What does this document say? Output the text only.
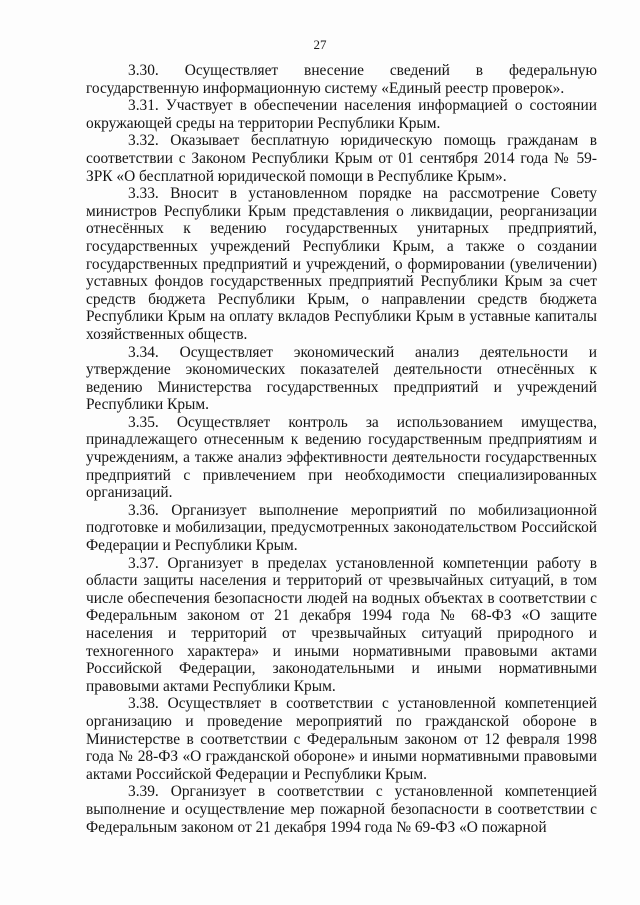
27

3.30. Осуществляет внесение сведений в федеральную государственную информационную систему «Единый реестр проверок».

3.31. Участвует в обеспечении населения информацией о состоянии окружающей среды на территории Республики Крым.

3.32. Оказывает бесплатную юридическую помощь гражданам в соответствии с Законом Республики Крым от 01 сентября 2014 года № 59-ЗРК «О бесплатной юридической помощи в Республике Крым».

3.33. Вносит в установленном порядке на рассмотрение Совету министров Республики Крым представления о ликвидации, реорганизации отнесённых к ведению государственных унитарных предприятий, государственных учреждений Республики Крым, а также о создании государственных предприятий и учреждений, о формировании (увеличении) уставных фондов государственных предприятий Республики Крым за счет средств бюджета Республики Крым, о направлении средств бюджета Республики Крым на оплату вкладов Республики Крым в уставные капиталы хозяйственных обществ.

3.34. Осуществляет экономический анализ деятельности и утверждение экономических показателей деятельности отнесённых к ведению Министерства государственных предприятий и учреждений Республики Крым.

3.35. Осуществляет контроль за использованием имущества, принадлежащего отнесенным к ведению государственным предприятиям и учреждениям, а также анализ эффективности деятельности государственных предприятий с привлечением при необходимости специализированных организаций.

3.36. Организует выполнение мероприятий по мобилизационной подготовке и мобилизации, предусмотренных законодательством Российской Федерации и Республики Крым.

3.37. Организует в пределах установленной компетенции работу в области защиты населения и территорий от чрезвычайных ситуаций, в том числе обеспечения безопасности людей на водных объектах в соответствии с Федеральным законом от 21 декабря 1994 года № 68-ФЗ «О защите населения и территорий от чрезвычайных ситуаций природного и техногенного характера» и иными нормативными правовыми актами Российской Федерации, законодательными и иными нормативными правовыми актами Республики Крым.

3.38. Осуществляет в соответствии с установленной компетенцией организацию и проведение мероприятий по гражданской обороне в Министерстве в соответствии с Федеральным законом от 12 февраля 1998 года № 28-ФЗ «О гражданской обороне» и иными нормативными правовыми актами Российской Федерации и Республики Крым.

3.39. Организует в соответствии с установленной компетенцией выполнение и осуществление мер пожарной безопасности в соответствии с Федеральным законом от 21 декабря 1994 года № 69-ФЗ «О пожарной
